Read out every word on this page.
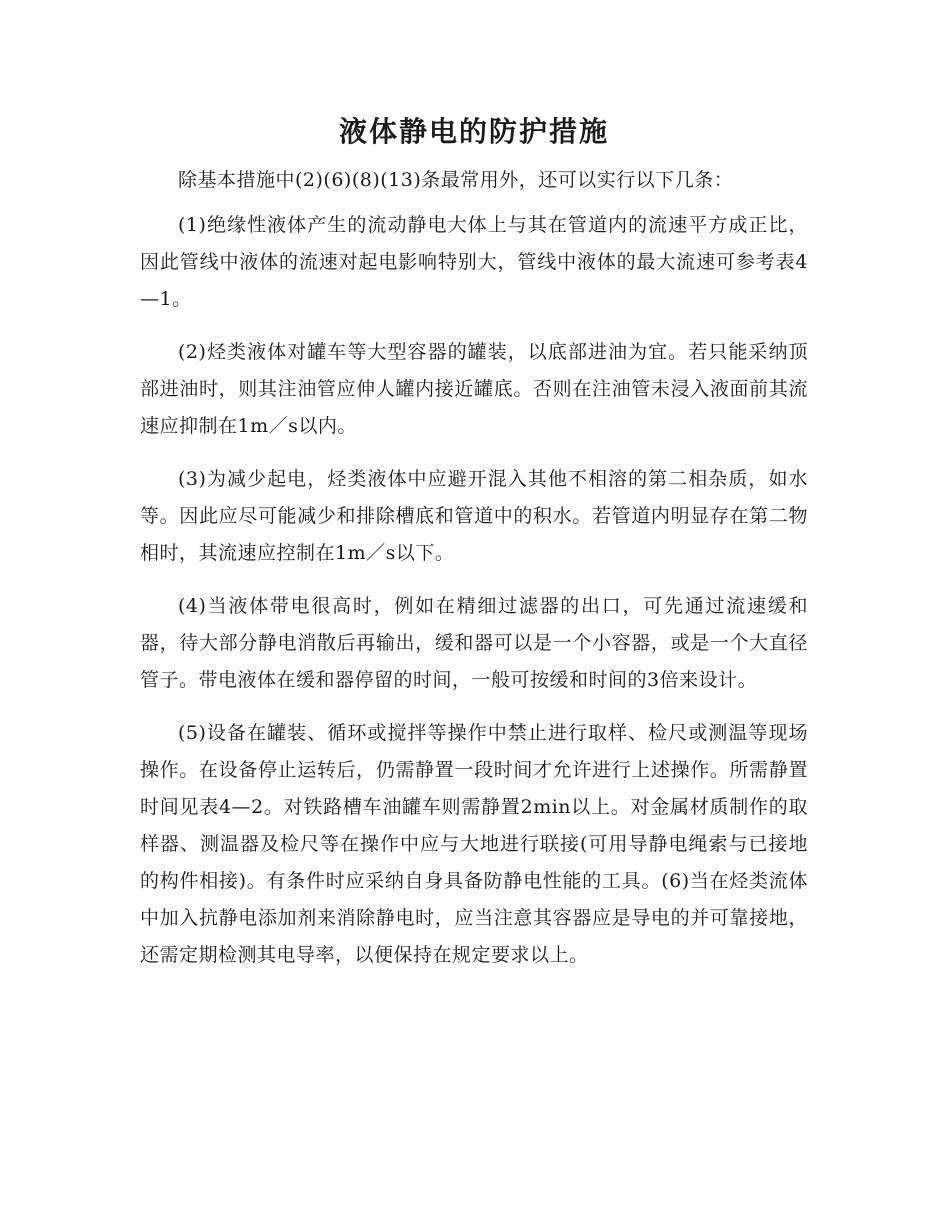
液体静电的防护措施

除基本措施中(2)(6)(8)(13)条最常用外，还可以实行以下几条：

(1)绝缘性液体产生的流动静电大体上与其在管道内的流速平方成正比，因此管线中液体的流速对起电影响特别大，管线中液体的最大流速可参考表4—1。

(2)烃类液体对罐车等大型容器的罐装，以底部进油为宜。若只能采纳顶部进油时，则其注油管应伸人罐内接近罐底。否则在注油管未浸入液面前其流速应抑制在1m／s以内。

(3)为减少起电，烃类液体中应避开混入其他不相溶的第二相杂质，如水等。因此应尽可能减少和排除槽底和管道中的积水。若管道内明显存在第二物相时，其流速应控制在1m／s以下。

(4)当液体带电很高时，例如在精细过滤器的出口，可先通过流速缓和器，待大部分静电消散后再输出，缓和器可以是一个小容器，或是一个大直径管子。带电液体在缓和器停留的时间，一般可按缓和时间的3倍来设计。

(5)设备在罐装、循环或搅拌等操作中禁止进行取样、检尺或测温等现场操作。在设备停止运转后，仍需静置一段时间才允许进行上述操作。所需静置时间见表4—2。对铁路槽车油罐车则需静置2min以上。对金属材质制作的取样器、测温器及检尺等在操作中应与大地进行联接(可用导静电绳索与已接地的构件相接)。有条件时应采纳自身具备防静电性能的工具。(6)当在烃类流体中加入抗静电添加剂来消除静电时，应当注意其容器应是导电的并可靠接地，还需定期检测其电导率，以便保持在规定要求以上。
